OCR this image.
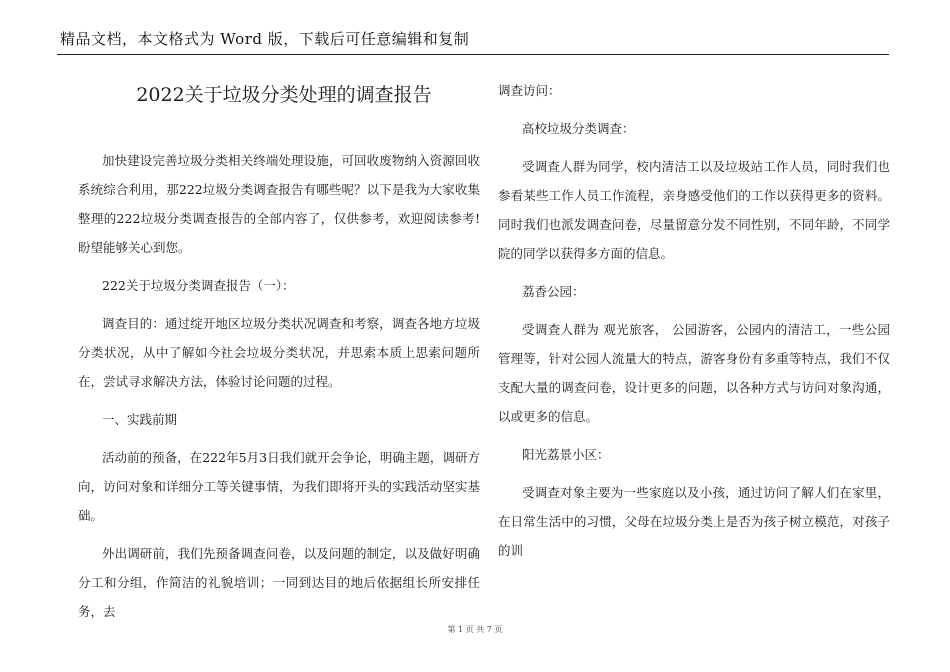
精品文档，本文格式为 Word 版，下载后可任意编辑和复制
2022关于垃圾分类处理的调查报告

加快建设完善垃圾分类相关终端处理设施，可回收废物纳入资源回收系统综合利用，那222垃圾分类调查报告有哪些呢？以下是我为大家收集整理的222垃圾分类调查报告的全部内容了，仅供参考，欢迎阅读参考!盼望能够关心到您。

222关于垃圾分类调查报告（一）：

调查目的：通过绽开地区垃圾分类状况调查和考察，调查各地方垃圾分类状况，从中了解如今社会垃圾分类状况，并思索本质上思索问题所在，尝试寻求解决方法，体验讨论问题的过程。

一、实践前期

活动前的预备，在222年5月3日我们就开会争论，明确主题，调研方向，访问对象和详细分工等关键事情，为我们即将开头的实践活动坚实基础。

外出调研前，我们先预备调查问卷，以及问题的制定，以及做好明确分工和分组，作简洁的礼貌培训；一同到达目的地后依据组长所安排任务，去

调查访问：

高校垃圾分类调查：

受调查人群为同学，校内清洁工以及垃圾站工作人员，同时我们也参看某些工作人员工作流程，亲身感受他们的工作以获得更多的资料。同时我们也派发调查问卷，尽量留意分发不同性别，不同年龄，不同学院的同学以获得多方面的信息。

荔香公园：

受调查人群为 观光旅客， 公园游客，公园内的清洁工，一些公园管理等，针对公园人流量大的特点，游客身份有多重等特点，我们不仅支配大量的调查问卷，设计更多的问题，以各种方式与访问对象沟通，以或更多的信息。

阳光荔景小区：

受调查对象主要为一些家庭以及小孩，通过访问了解人们在家里，在日常生活中的习惯，父母在垃圾分类上是否为孩子树立模范，对孩子的训

第 1 页 共 7 页
